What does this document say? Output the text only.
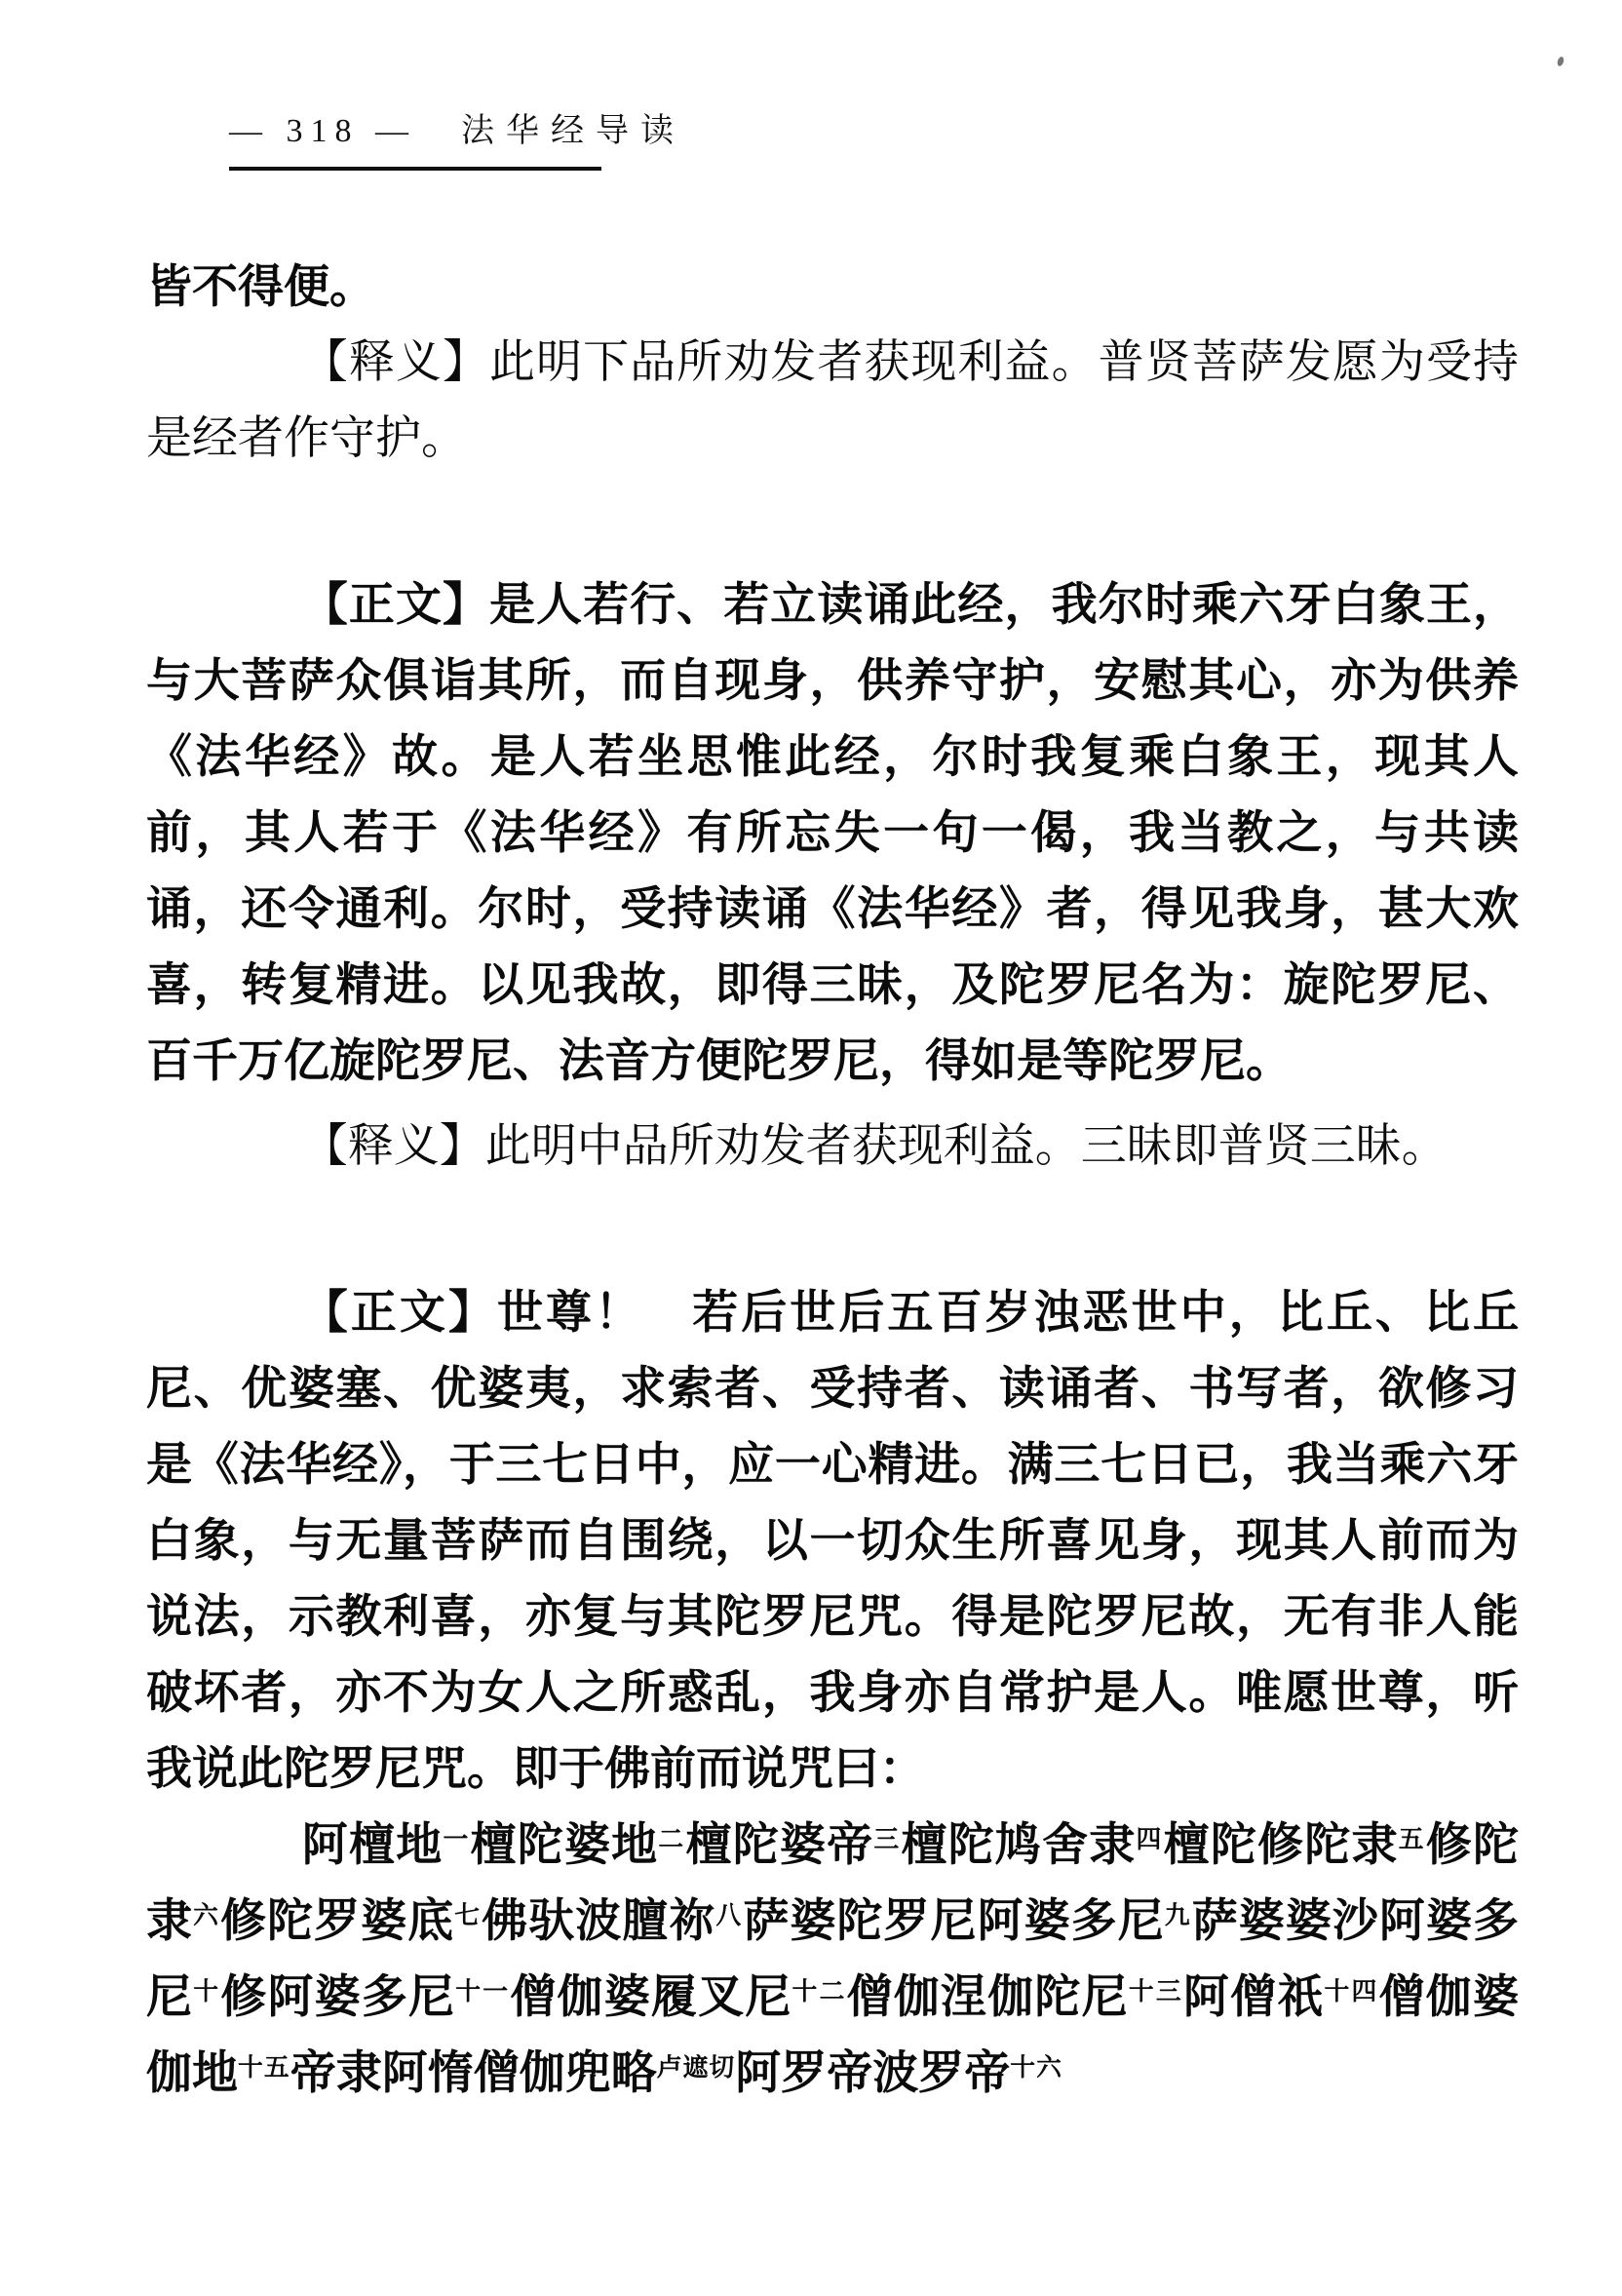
— 318 — 法华经导读

皆不得便。

【释义】此明下品所劝发者获现利益。普贤菩萨发愿为受持是经者作守护。

【正文】是人若行、若立读诵此经，我尔时乘六牙白象王，与大菩萨众俱诣其所，而自现身，供养守护，安慰其心，亦为供养《法华经》故。是人若坐思惟此经，尔时我复乘白象王，现其人前，其人若于《法华经》有所忘失一句一偈，我当教之，与共读诵，还令通利。尔时，受持读诵《法华经》者，得见我身，甚大欢喜，转复精进。以见我故，即得三昧，及陀罗尼名为：旋陀罗尼、百千万亿旋陀罗尼、法音方便陀罗尼，得如是等陀罗尼。

【释义】此明中品所劝发者获现利益。三昧即普贤三昧。

【正文】世尊！　若后世后五百岁浊恶世中，比丘、比丘尼、优婆塞、优婆夷，求索者、受持者、读诵者、书写者，欲修习是《法华经》，于三七日中，应一心精进。满三七日已，我当乘六牙白象，与无量菩萨而自围绕，以一切众生所喜见身，现其人前而为说法，示教利喜，亦复与其陀罗尼咒。得是陀罗尼故，无有非人能破坏者，亦不为女人之所惑乱，我身亦自常护是人。唯愿世尊，听我说此陀罗尼咒。即于佛前而说咒曰：

阿檀地$^一$檀陀婆地$^二$檀陀婆帝$^三$檀陀鸠舍隶$^四$檀陀修陀隶$^五$修陀隶$^六$修陀罗婆底$^七$佛驮波膻祢$^八$萨婆陀罗尼阿婆多尼$^九$萨婆婆沙阿婆多尼$^十$修阿婆多尼$^{十一}$僧伽婆履叉尼$^{十二}$僧伽涅伽陀尼$^{十三}$阿僧祇$^{十四}$僧伽婆伽地$^{十五}$帝隶阿惰僧伽兜略$^{卢遮切}$阿罗帝波罗帝$^{十六}$
